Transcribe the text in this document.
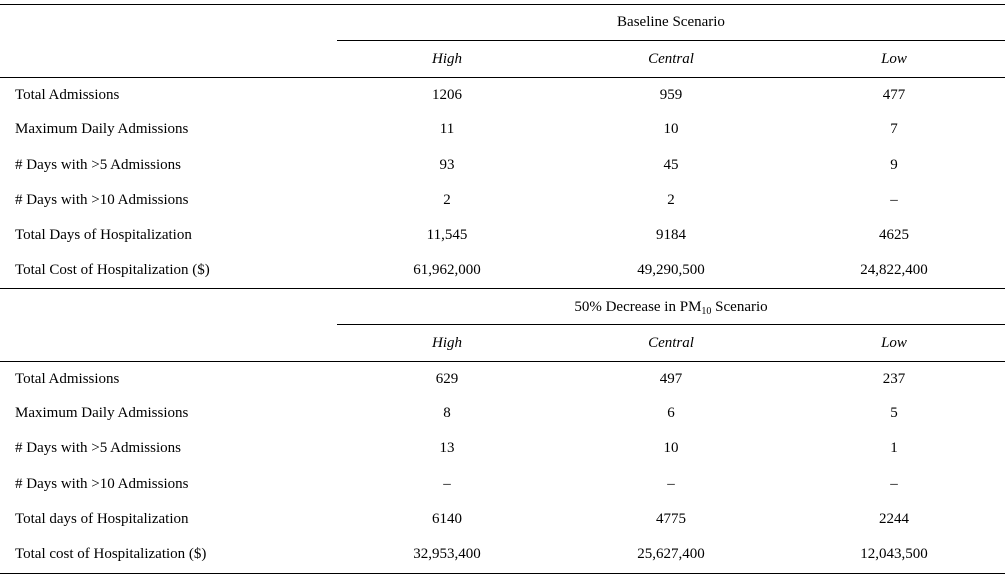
Baseline Scenario
High	Central	Low
Total Admissions	1206	959	477
Maximum Daily Admissions	11	10	7
# Days with >5 Admissions	93	45	9
# Days with >10 Admissions	2	2	–
Total Days of Hospitalization	11,545	9184	4625
Total Cost of Hospitalization ($)	61,962,000	49,290,500	24,822,400
50% Decrease in $PM_{10}$ Scenario
High	Central	Low
Total Admissions	629	497	237
Maximum Daily Admissions	8	6	5
# Days with >5 Admissions	13	10	1
# Days with >10 Admissions	–	–	–
Total days of Hospitalization	6140	4775	2244
Total cost of Hospitalization ($)	32,953,400	25,627,400	12,043,500
